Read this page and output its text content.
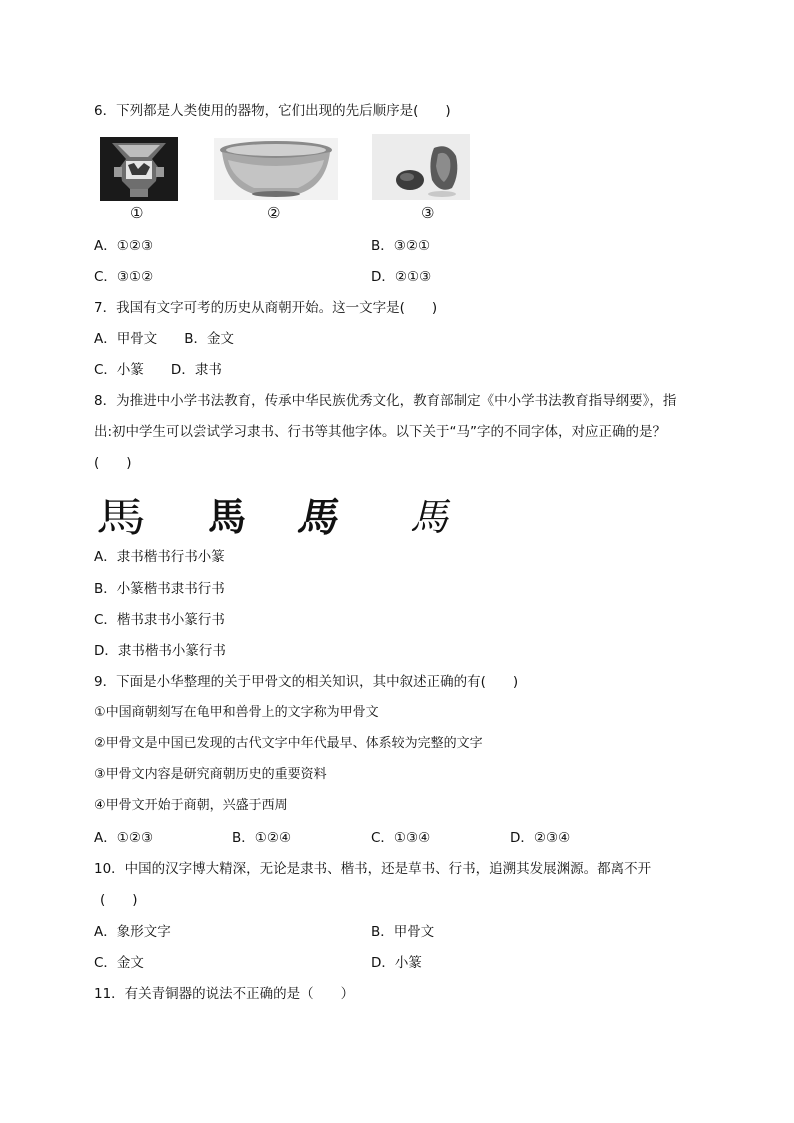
6．下列都是人类使用的器物，它们出现的先后顺序是(　　)
①	②	③
A．①②③	B．③②①
C．③①②	D．②①③
7．我国有文字可考的历史从商朝开始。这一文字是(　　)
A．甲骨文　　B．金文
C．小篆　　D．隶书
8．为推进中小学书法教育，传承中华民族优秀文化，教育部制定《中小学书法教育指导纲要》，指
出:初中学生可以尝试学习隶书、行书等其他字体。以下关于“马”字的不同字体，对应正确的是？
(　　)
馬 馬 馬 馬
A．隶书楷书行书小篆
B．小篆楷书隶书行书
C．楷书隶书小篆行书
D．隶书楷书小篆行书
9．下面是小华整理的关于甲骨文的相关知识，其中叙述正确的有(　　)
①中国商朝刻写在龟甲和兽骨上的文字称为甲骨文
②甲骨文是中国已发现的古代文字中年代最早、体系较为完整的文字
③甲骨文内容是研究商朝历史的重要资料
④甲骨文开始于商朝，兴盛于西周
A．①②③	B．①②④	C．①③④	D．②③④
10．中国的汉字博大精深，无论是隶书、楷书，还是草书、行书，追溯其发展渊源。都离不开
(　　)
A．象形文字	B．甲骨文
C．金文	D．小篆
11．有关青铜器的说法不正确的是（　　）
